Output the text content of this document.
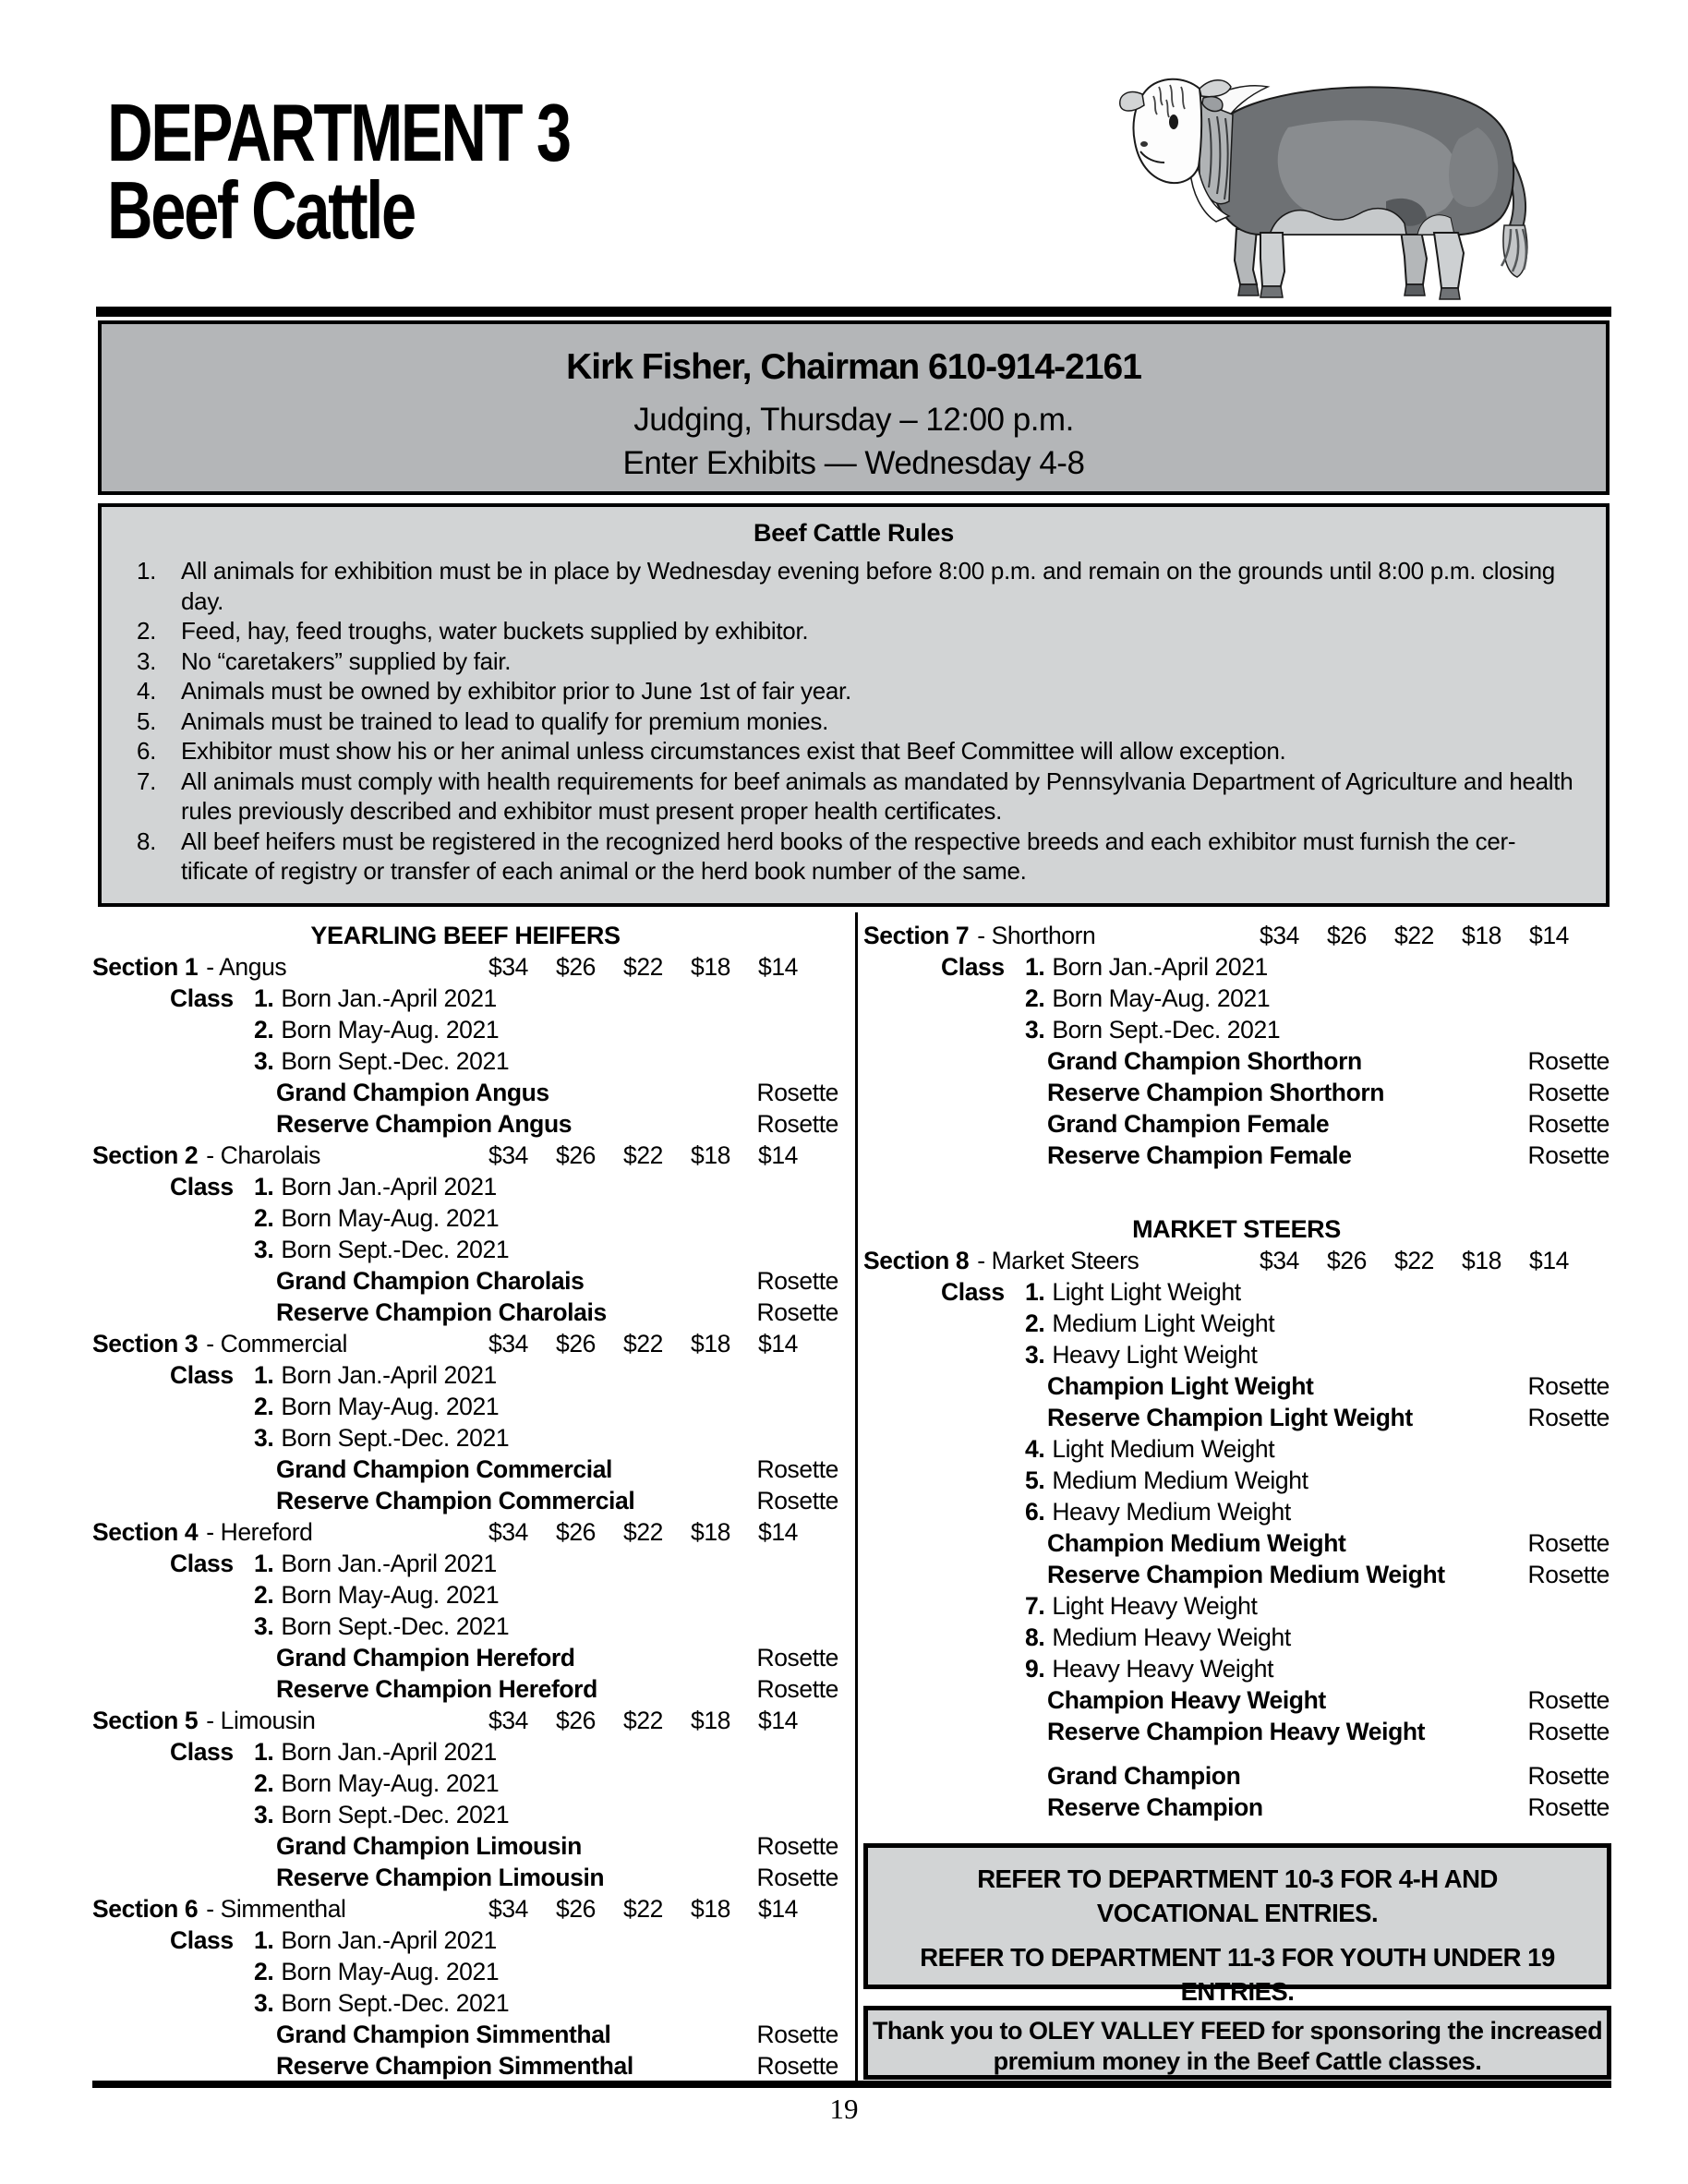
DEPARTMENT 3
Beef Cattle
Kirk Fisher, Chairman 610-914-2161
Judging, Thursday – 12:00 p.m.
Enter Exhibits — Wednesday 4-8
Beef Cattle Rules
1. All animals for exhibition must be in place by Wednesday evening before 8:00 p.m. and remain on the grounds until 8:00 p.m. closing day.
2. Feed, hay, feed troughs, water buckets supplied by exhibitor.
3. No “caretakers” supplied by fair.
4. Animals must be owned by exhibitor prior to June 1st of fair year.
5. Animals must be trained to lead to qualify for premium monies.
6. Exhibitor must show his or her animal unless circumstances exist that Beef Committee will allow exception.
7. All animals must comply with health requirements for beef animals as mandated by Pennsylvania Department of Agriculture and health rules previously described and exhibitor must present proper health certificates.
8. All beef heifers must be registered in the recognized herd books of the respective breeds and each exhibitor must furnish the cer-tificate of registry or transfer of each animal or the herd book number of the same.
YEARLING BEEF HEIFERS
Section 1 - Angus	$34	$26	$22	$18	$14
Class 1. Born Jan.-April 2021
2. Born May-Aug. 2021
3. Born Sept.-Dec. 2021
Grand Champion Angus	Rosette
Reserve Champion Angus	Rosette
Section 2 - Charolais	$34	$26	$22	$18	$14
Class 1. Born Jan.-April 2021
2. Born May-Aug. 2021
3. Born Sept.-Dec. 2021
Grand Champion Charolais	Rosette
Reserve Champion Charolais	Rosette
Section 3 - Commercial	$34	$26	$22	$18	$14
Class 1. Born Jan.-April 2021
2. Born May-Aug. 2021
3. Born Sept.-Dec. 2021
Grand Champion Commercial	Rosette
Reserve Champion Commercial	Rosette
Section 4 - Hereford	$34	$26	$22	$18	$14
Class 1. Born Jan.-April 2021
2. Born May-Aug. 2021
3. Born Sept.-Dec. 2021
Grand Champion Hereford	Rosette
Reserve Champion Hereford	Rosette
Section 5 - Limousin	$34	$26	$22	$18	$14
Class 1. Born Jan.-April 2021
2. Born May-Aug. 2021
3. Born Sept.-Dec. 2021
Grand Champion Limousin	Rosette
Reserve Champion Limousin	Rosette
Section 6 - Simmenthal	$34	$26	$22	$18	$14
Class 1. Born Jan.-April 2021
2. Born May-Aug. 2021
3. Born Sept.-Dec. 2021
Grand Champion Simmenthal	Rosette
Reserve Champion Simmenthal	Rosette
Section 7 - Shorthorn	$34	$26	$22	$18	$14
Class 1. Born Jan.-April 2021
2. Born May-Aug. 2021
3. Born Sept.-Dec. 2021
Grand Champion Shorthorn	Rosette
Reserve Champion Shorthorn	Rosette
Grand Champion Female	Rosette
Reserve Champion Female	Rosette
MARKET STEERS
Section 8 - Market Steers	$34	$26	$22	$18	$14
Class 1. Light Light Weight
2. Medium Light Weight
3. Heavy Light Weight
Champion Light Weight	Rosette
Reserve Champion Light Weight	Rosette
4. Light Medium Weight
5. Medium Medium Weight
6. Heavy Medium Weight
Champion Medium Weight	Rosette
Reserve Champion Medium Weight	Rosette
7. Light Heavy Weight
8. Medium Heavy Weight
9. Heavy Heavy Weight
Champion Heavy Weight	Rosette
Reserve Champion Heavy Weight	Rosette
Grand Champion	Rosette
Reserve Champion	Rosette
REFER TO DEPARTMENT 10-3 FOR 4-H AND
VOCATIONAL ENTRIES.
REFER TO DEPARTMENT 11-3 FOR YOUTH UNDER 19 ENTRIES.
Thank you to OLEY VALLEY FEED for sponsoring the increased
premium money in the Beef Cattle classes.
19
